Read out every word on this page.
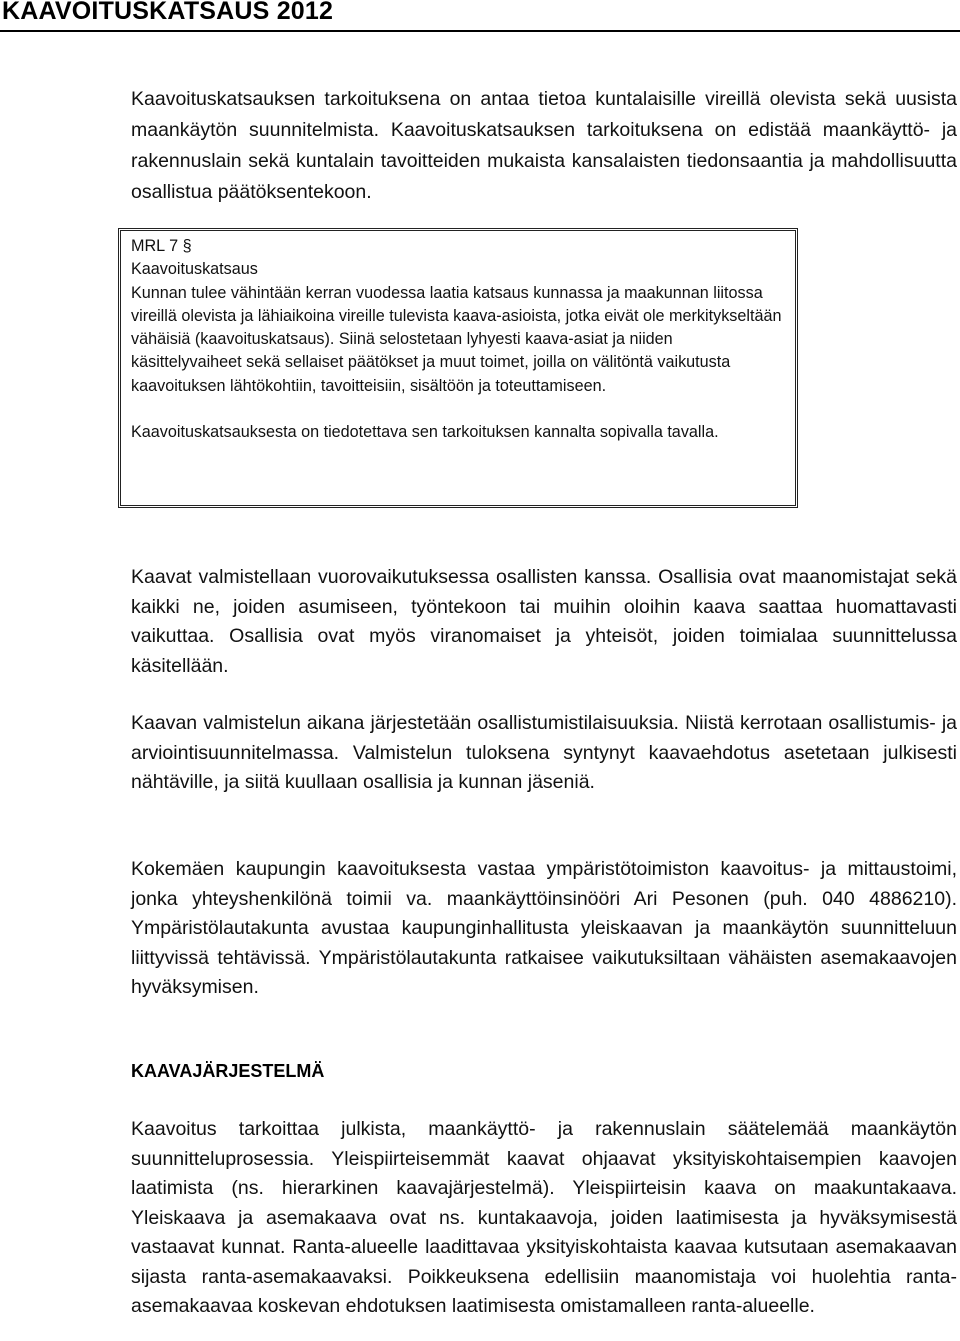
KAAVOITUSKATSAUS 2012

Kaavoituskatsauksen tarkoituksena on antaa tietoa kuntalaisille vireillä olevista sekä uusista maankäytön suunnitelmista. Kaavoituskatsauksen tarkoituksena on edistää maankäyttö- ja rakennuslain sekä kuntalain tavoitteiden mukaista kansalaisten tiedonsaantia ja mahdollisuutta osallistua päätöksentekoon.

MRL 7 §

Kaavoituskatsaus

Kunnan tulee vähintään kerran vuodessa laatia katsaus kunnassa ja maakunnan liitossa vireillä olevista ja lähiaikoina vireille tulevista kaava-asioista, jotka eivät ole merkitykseltään vähäisiä (kaavoituskatsaus). Siinä selostetaan lyhyesti kaava-asiat ja niiden käsittelyvaiheet sekä sellaiset päätökset ja muut toimet, joilla on välitöntä vaikutusta kaavoituksen lähtökohtiin, tavoitteisiin, sisältöön ja toteuttamiseen.

Kaavoituskatsauksesta on tiedotettava sen tarkoituksen kannalta sopivalla tavalla.

Kaavat valmistellaan vuorovaikutuksessa osallisten kanssa. Osallisia ovat maanomistajat sekä kaikki ne, joiden asumiseen, työntekoon tai muihin oloihin kaava saattaa huomattavasti vaikuttaa. Osallisia ovat myös viranomaiset ja yhteisöt, joiden toimialaa suunnittelussa käsitellään.

Kaavan valmistelun aikana järjestetään osallistumistilaisuuksia. Niistä kerrotaan osallistumis- ja arviointisuunnitelmassa. Valmistelun tuloksena syntynyt kaavaehdotus asetetaan julkisesti nähtäville, ja siitä kuullaan osallisia ja kunnan jäseniä.

Kokemäen kaupungin kaavoituksesta vastaa ympäristötoimiston kaavoitus- ja mittaustoimi, jonka yhteyshenkilönä toimii va. maankäyttöinsinööri Ari Pesonen (puh. 040 4886210). Ympäristölautakunta avustaa kaupunginhallitusta yleiskaavan ja maankäytön suunnitteluun liittyvissä tehtävissä. Ympäristölautakunta ratkaisee vaikutuksiltaan vähäisten asemakaavojen hyväksymisen.

KAAVAJÄRJESTELMÄ

Kaavoitus tarkoittaa julkista, maankäyttö- ja rakennuslain säätelemää maankäytön suunnitteluprosessia. Yleispiirteisemmät kaavat ohjaavat yksityiskohtaisempien kaavojen laatimista (ns. hierarkinen kaavajärjestelmä). Yleispiirteisin kaava on maakuntakaava. Yleiskaava ja asemakaava ovat ns. kuntakaavoja, joiden laatimisesta ja hyväksymisestä vastaavat kunnat. Ranta-alueelle laadittavaa yksityiskohtaista kaavaa kutsutaan asemakaavan sijasta ranta-asemakaavaksi. Poikkeuksena edellisiin maanomistaja voi huolehtia ranta-asemakaavaa koskevan ehdotuksen laatimisesta omistamalleen ranta-alueelle.
